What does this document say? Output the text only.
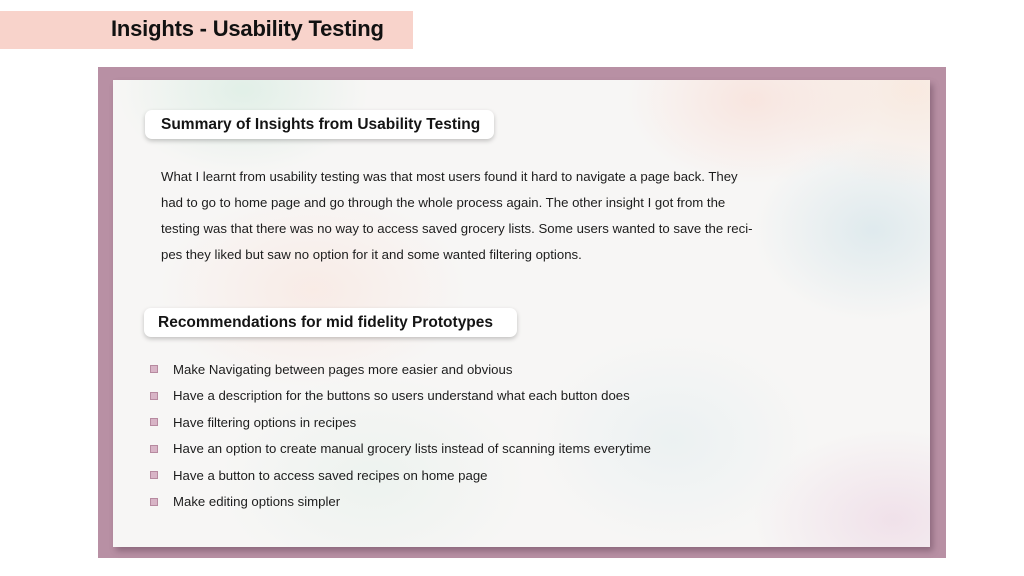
Insights - Usability Testing
Summary of Insights from Usability Testing
What I learnt from usability testing was that most users found it hard to navigate a page back. They
had to go to home page and go through the whole process again. The other insight I got from the
testing was that there was no way to access saved grocery lists. Some users wanted to save the reci-
pes they liked but saw no option for it and some wanted filtering options.
Recommendations for mid fidelity Prototypes
Make Navigating between pages more easier and obvious
Have a description for the buttons so users understand what each button does
Have filtering options in recipes
Have an option to create manual grocery lists instead of scanning items everytime
Have a button to access saved recipes on home page
Make editing options simpler
